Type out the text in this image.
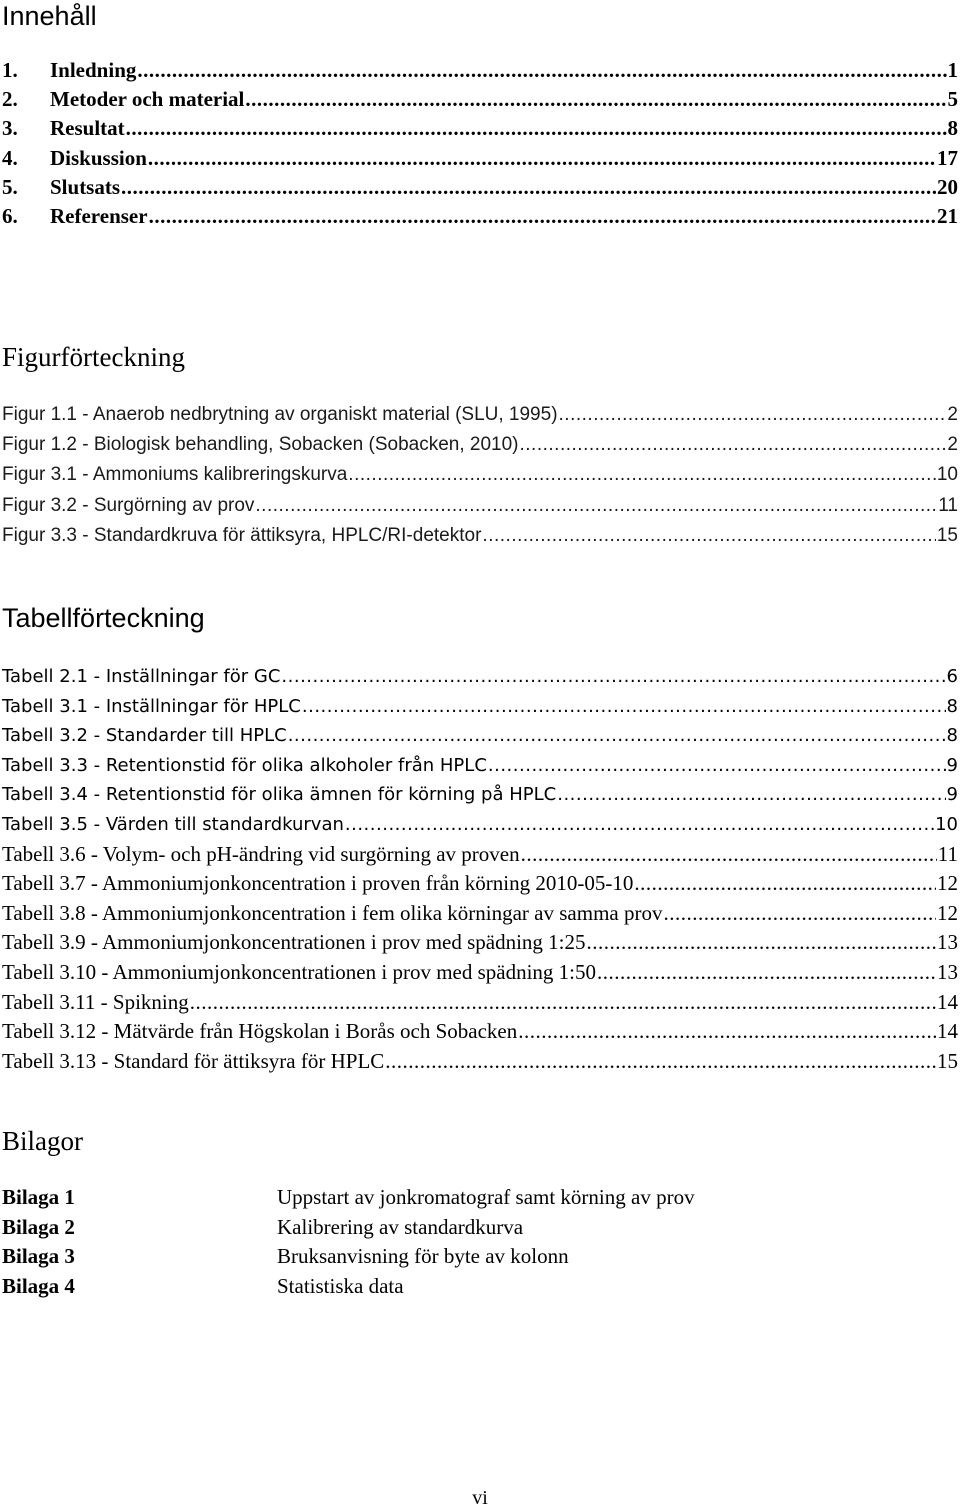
Innehåll
1. Inledning .....	1
2. Metoder och material .....	5
3. Resultat .....	8
4. Diskussion .....	17
5. Slutsats .....	20
6. Referenser .....	21
Figurförteckning
Figur 1.1 - Anaerob nedbrytning av organiskt material (SLU, 1995) .....	2
Figur 1.2 - Biologisk behandling, Sobacken (Sobacken, 2010) .....	2
Figur 3.1 - Ammoniums kalibreringskurva .....	10
Figur 3.2 - Surgörning av prov .....	11
Figur 3.3 - Standardkruva för ättiksyra, HPLC/RI-detektor .....	15
Tabellförteckning
Tabell 2.1 - Inställningar för GC .....	6
Tabell 3.1 - Inställningar för HPLC .....	8
Tabell 3.2 - Standarder till HPLC .....	8
Tabell 3.3 - Retentionstid för olika alkoholer från HPLC .....	9
Tabell 3.4 - Retentionstid för olika ämnen för körning på HPLC .....	9
Tabell 3.5 - Värden till standardkurvan .....	10
Tabell 3.6 - Volym- och pH-ändring vid surgörning av proven .....	11
Tabell 3.7 - Ammoniumjonkoncentration i proven från körning 2010-05-10 .....	12
Tabell 3.8 - Ammoniumjonkoncentration i fem olika körningar av samma prov .....	12
Tabell 3.9 - Ammoniumjonkoncentrationen i prov med spädning 1:25 .....	13
Tabell 3.10 - Ammoniumjonkoncentrationen i prov med spädning 1:50 .....	13
Tabell 3.11 - Spikning .....	14
Tabell 3.12 - Mätvärde från Högskolan i Borås och Sobacken .....	14
Tabell 3.13 - Standard för ättiksyra för HPLC .....	15
Bilagor
Bilaga 1	Uppstart av jonkromatograf samt körning av prov
Bilaga 2	Kalibrering av standardkurva
Bilaga 3	Bruksanvisning för byte av kolonn
Bilaga 4	Statistiska data
vi
